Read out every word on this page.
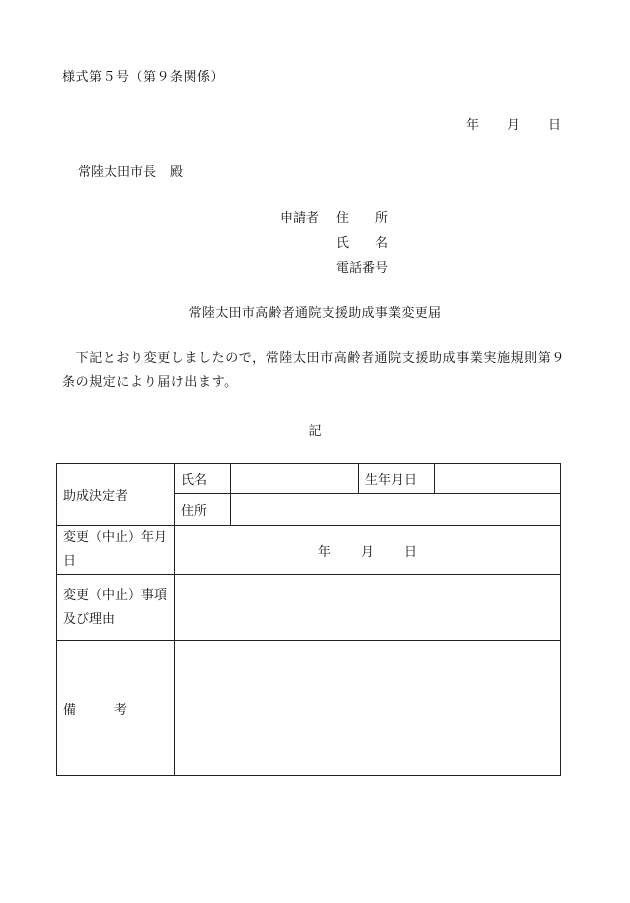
様式第５号（第９条関係）
年 月 日
常陸太田市長 殿
申請者 住　　所
氏　　名
電話番号
常陸太田市高齢者通院支援助成事業変更届
　下記とおり変更しましたので，常陸太田市高齢者通院支援助成事業実施規則第９条の規定により届け出ます。
記
助成決定者	氏名		生年月日	
	住所			
変更（中止）年月日	年 月 日			
変更（中止）事項及び理由				
備 考				
